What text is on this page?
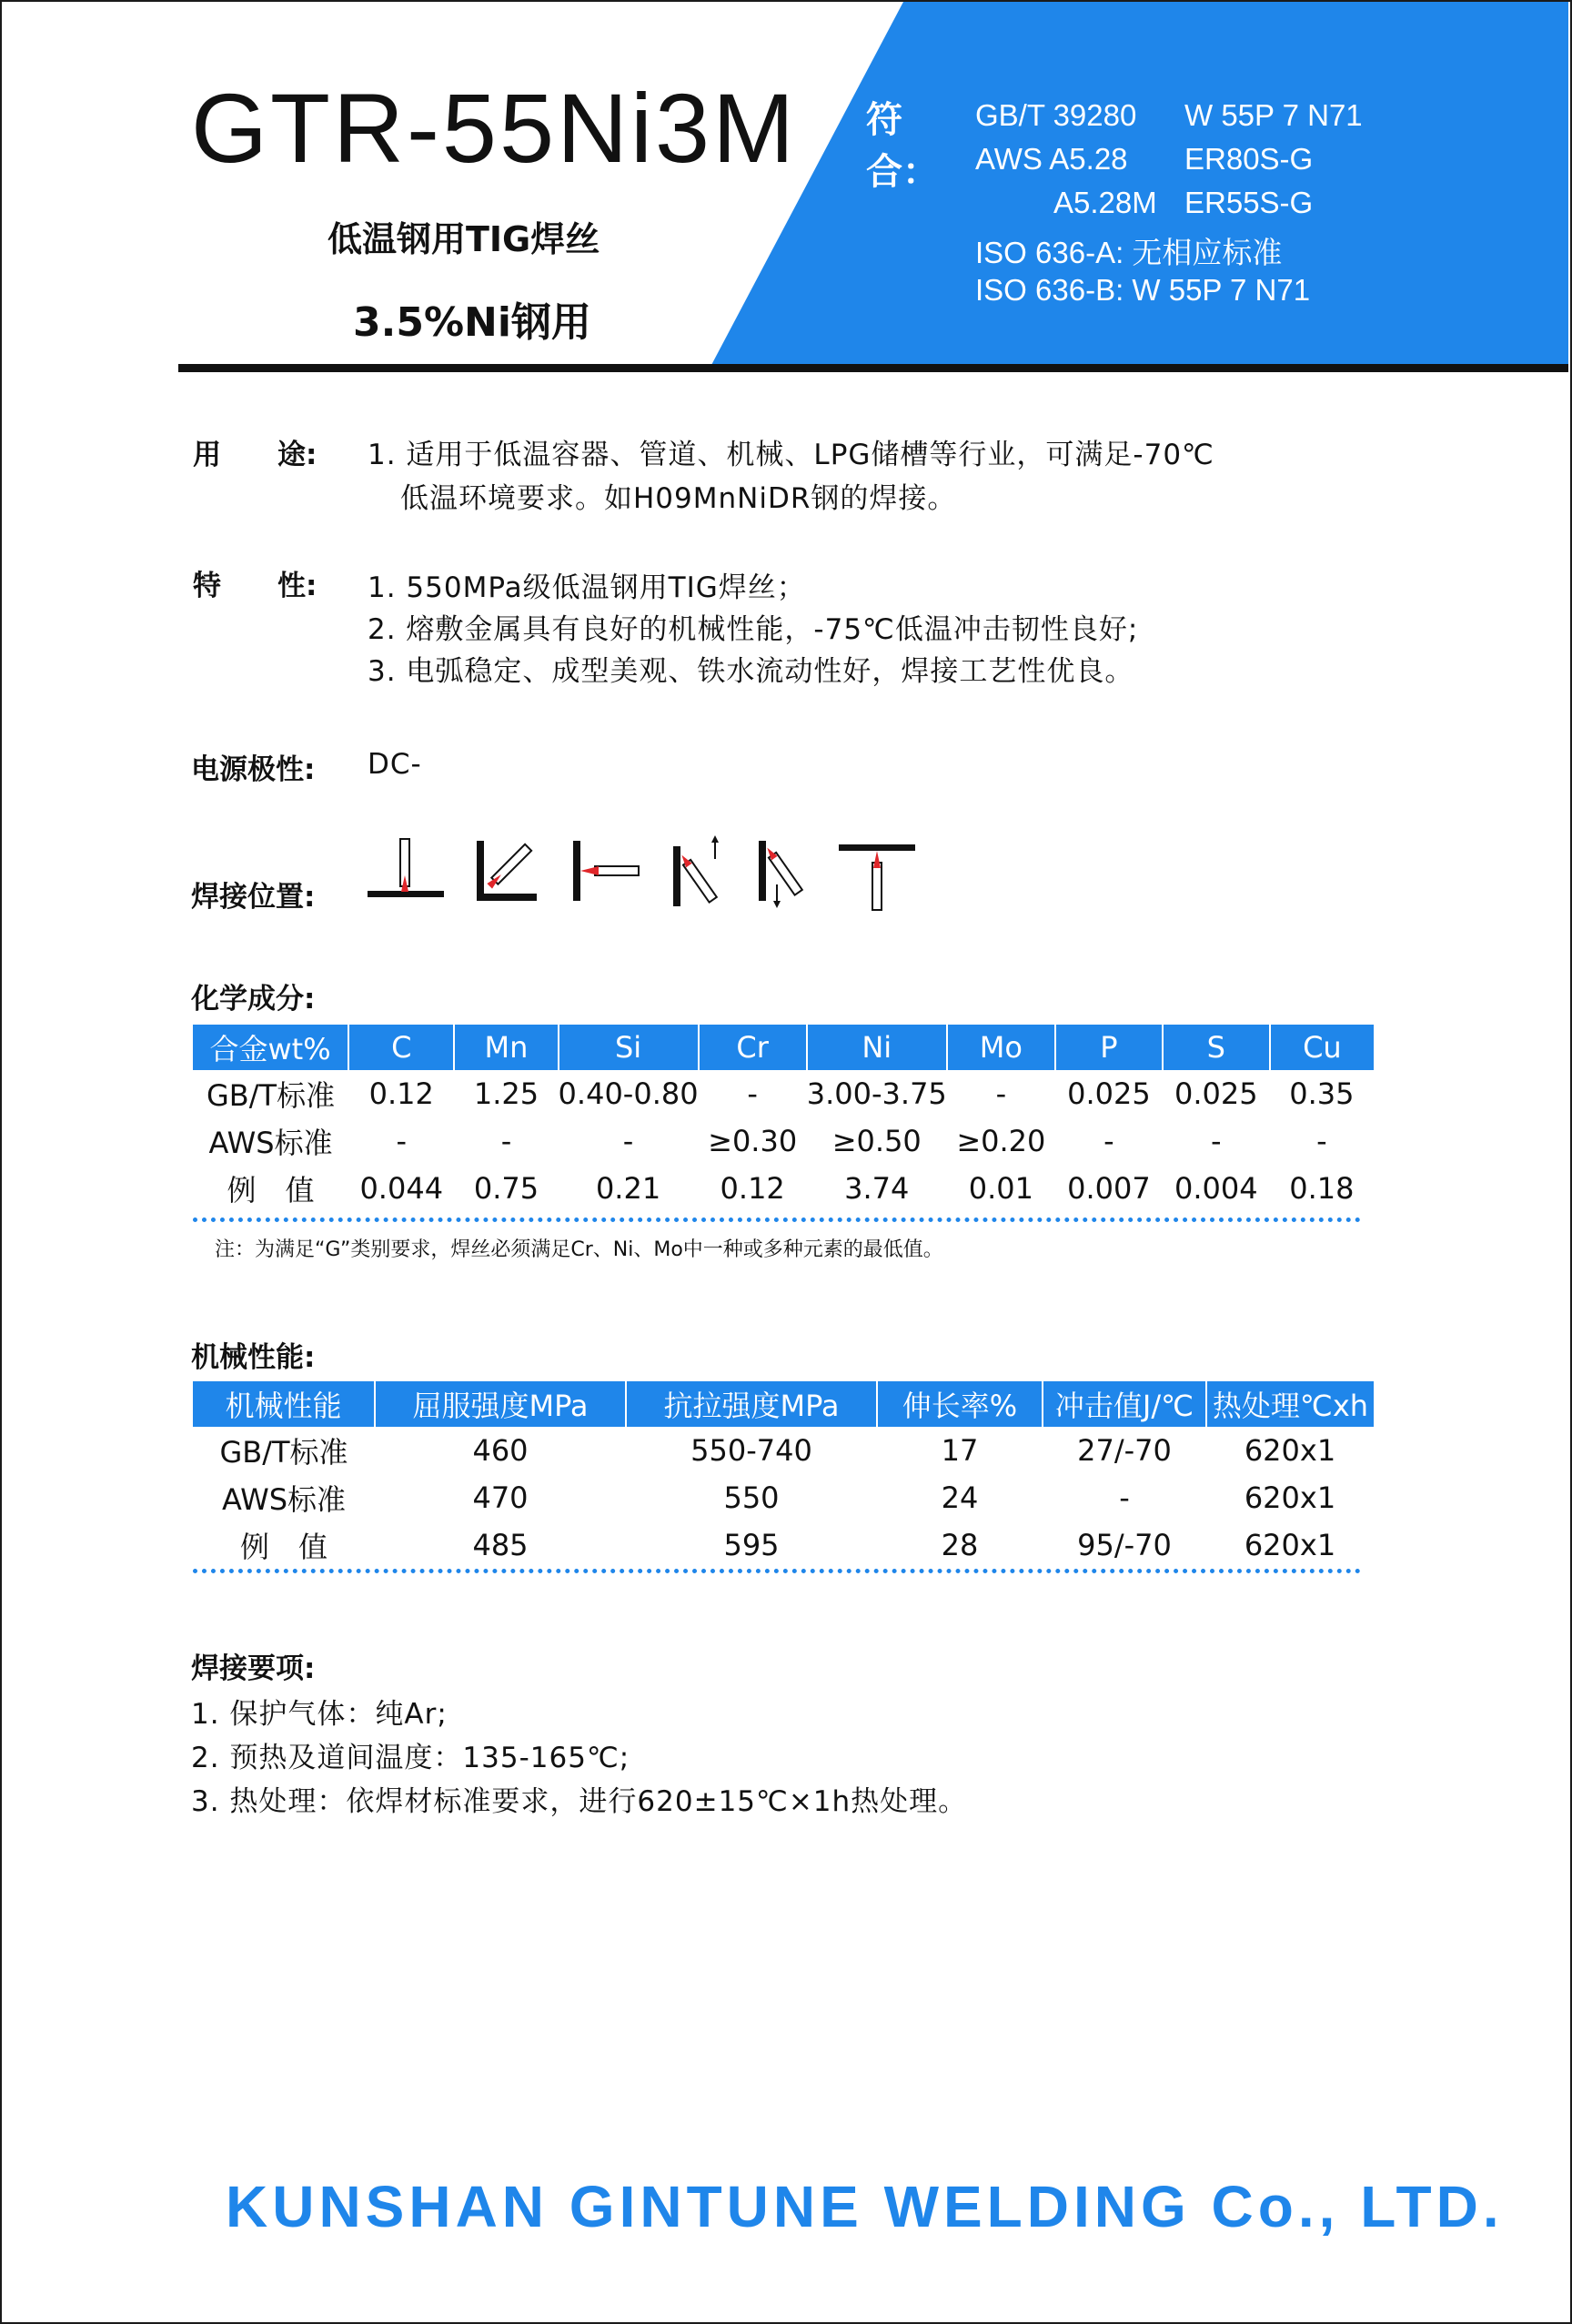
GTR-55Ni3M
低温钢用TIG焊丝
3.5%Ni钢用
符合：
GB/T 39280 W 55P 7 N71
AWS A5.28 ER80S-G
A5.28M ER55S-G
ISO 636-A: 无相应标准
ISO 636-B: W 55P 7 N71
用　　途: 1. 适用于低温容器、管道、机械、LPG储槽等行业，可满足-70℃
低温环境要求。如H09MnNiDR钢的焊接。
特　　性: 1. 550MPa级低温钢用TIG焊丝；
2. 熔敷金属具有良好的机械性能，-75℃低温冲击韧性良好;
3. 电弧稳定、成型美观、铁水流动性好，焊接工艺性优良。
电源极性: DC-
焊接位置:
化学成分:
合金wt%	C	Mn	Si	Cr	Ni	Mo	P	S	Cu
GB/T标准	0.12	1.25	0.40-0.80	-	3.00-3.75	-	0.025	0.025	0.35
AWS标准	-	-	-	≥0.30	≥0.50	≥0.20	-	-	-
例　值	0.044	0.75	0.21	0.12	3.74	0.01	0.007	0.004	0.18
注：为满足“G”类别要求，焊丝必须满足Cr、Ni、Mo中一种或多种元素的最低值。
机械性能:
机械性能	屈服强度MPa	抗拉强度MPa	伸长率%	冲击值J/℃	热处理℃xh
GB/T标准	460	550-740	17	27/-70	620x1
AWS标准	470	550	24	-	620x1
例　值	485	595	28	95/-70	620x1
焊接要项:
1. 保护气体：纯Ar;
2. 预热及道间温度：135-165℃;
3. 热处理：依焊材标准要求，进行620±15℃×1h热处理。
KUNSHAN GINTUNE WELDING Co., LTD.
